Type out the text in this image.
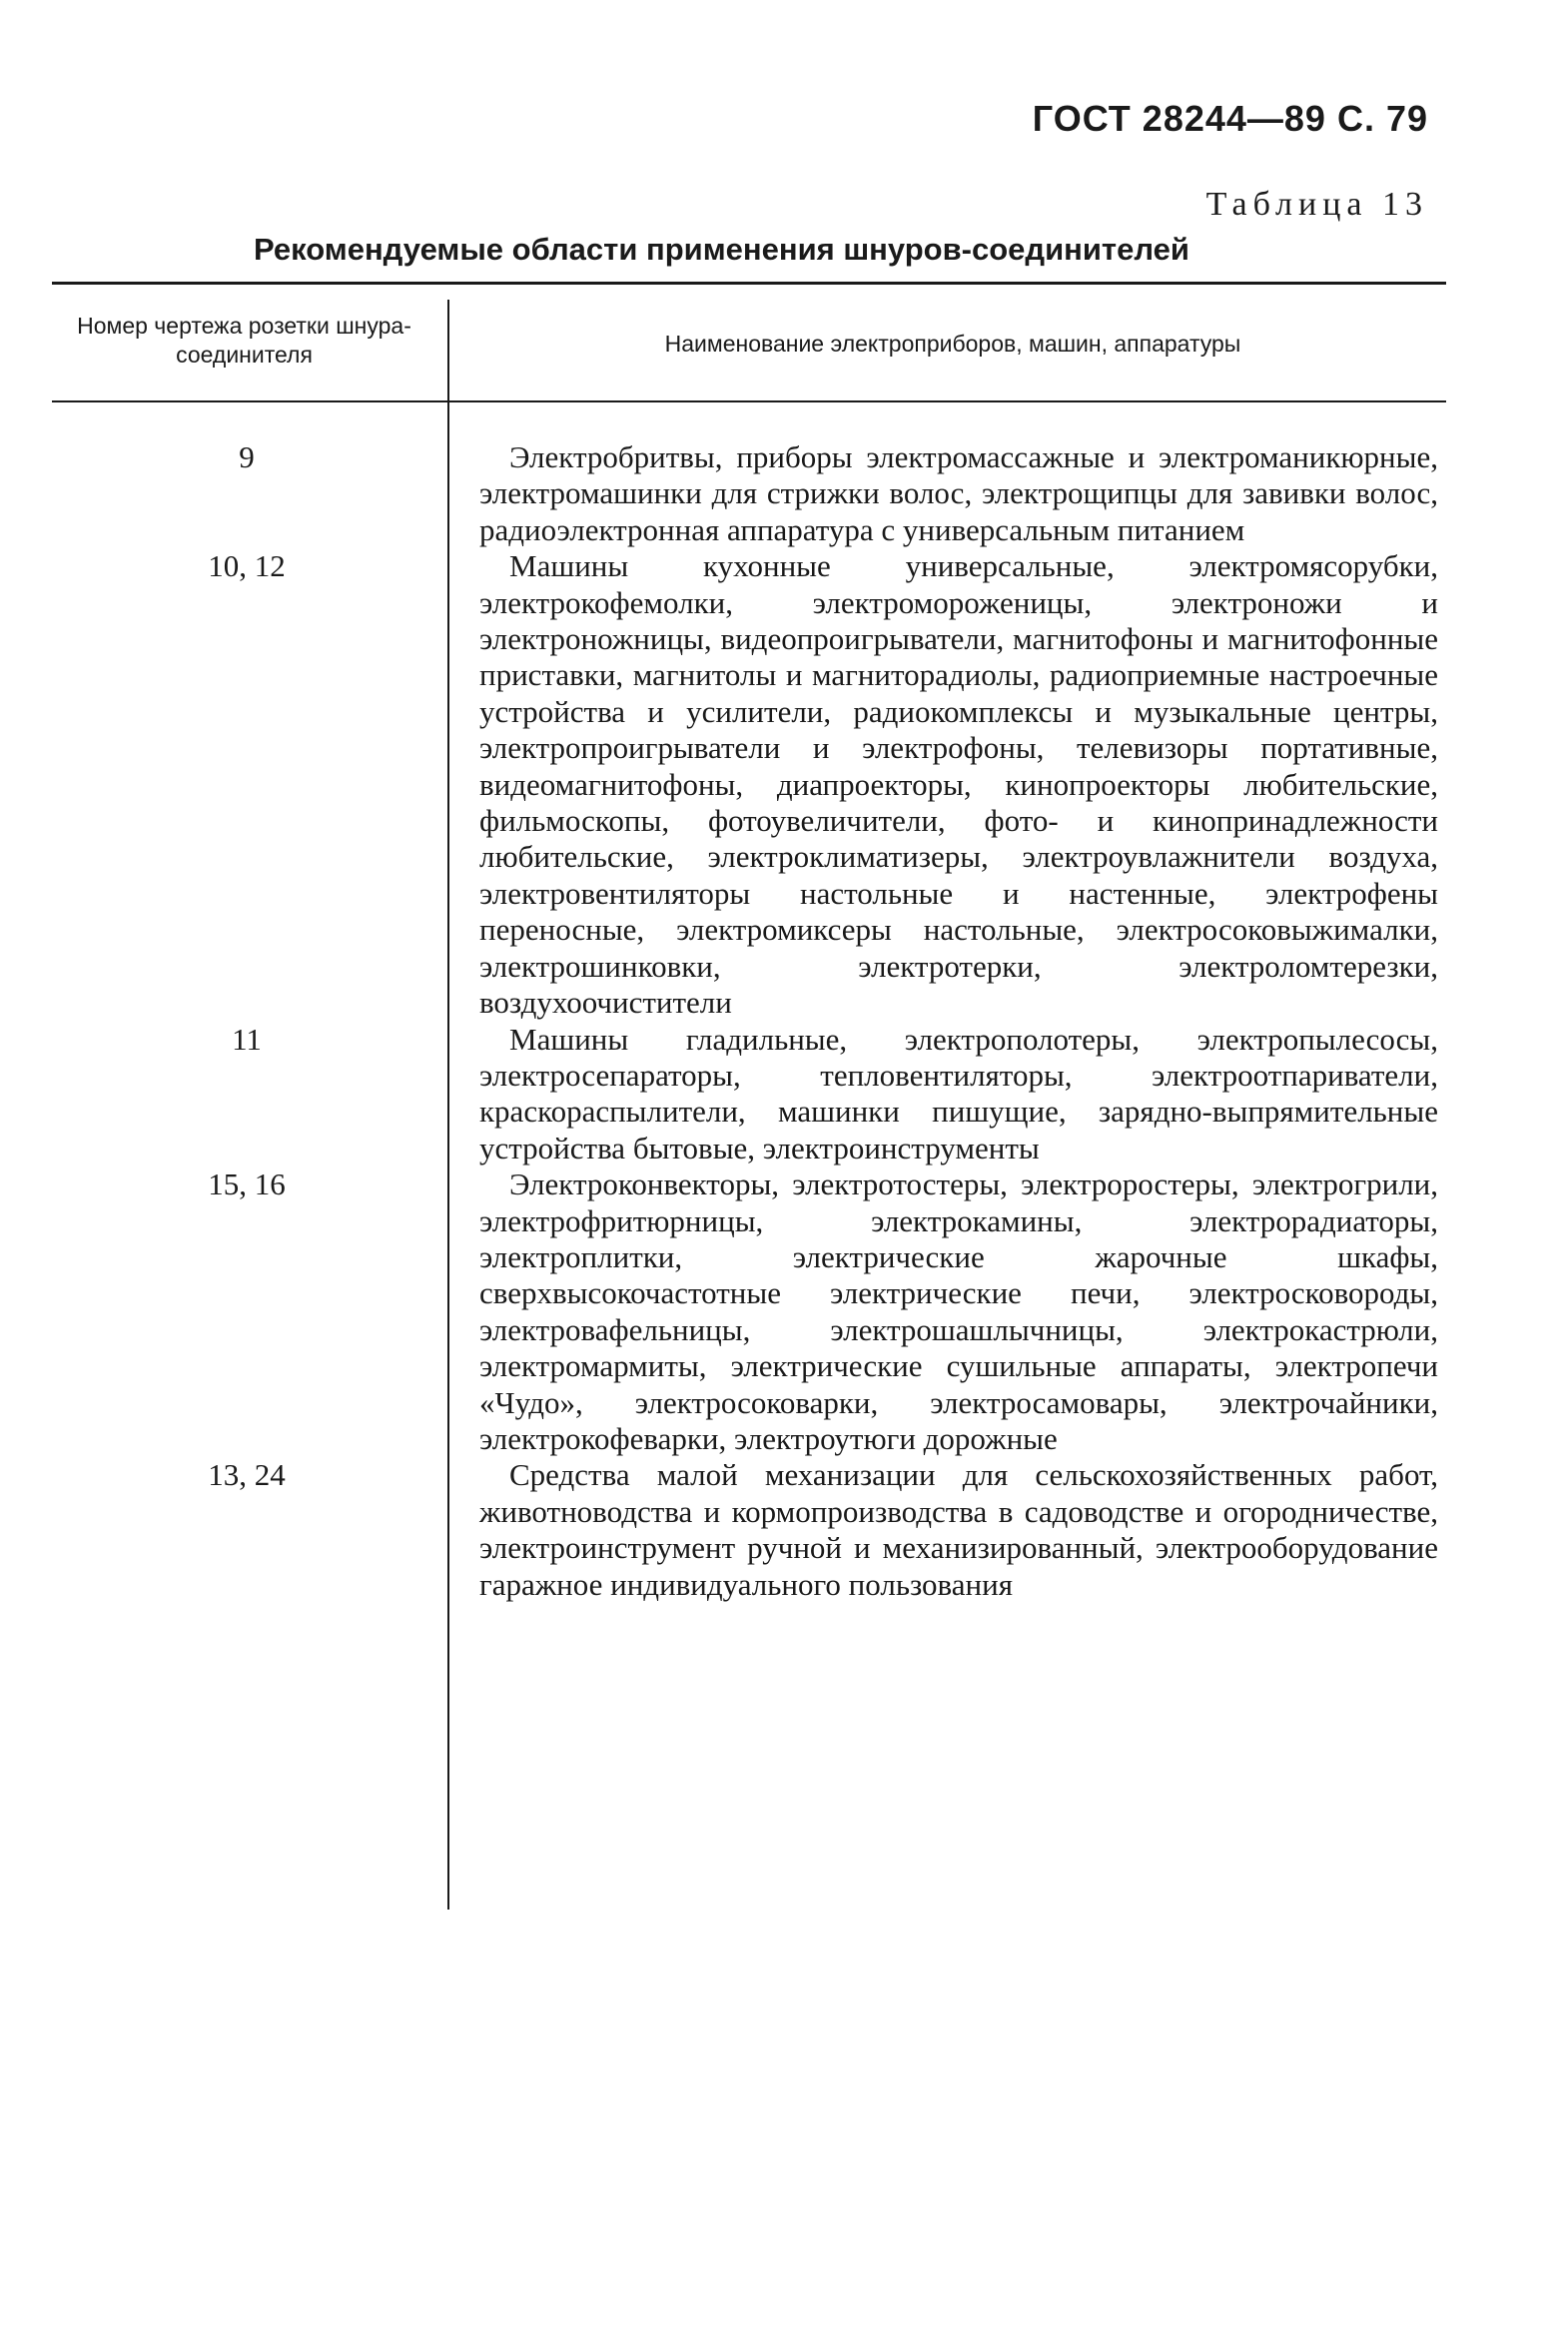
ГОСТ 28244—89 С. 79
Таблица 13
Рекомендуемые области применения шнуров-соединителей
Номер чертежа розетки шнура-соединителя	Наименование электроприборов, машин, аппаратуры
9	Электробритвы, приборы электромассажные и электроманикюрные, электромашинки для стрижки волос, электрощипцы для завивки волос, радиоэлектронная аппаратура с универсальным питанием
10, 12	Машины кухонные универсальные, электромясорубки, электрокофемолки, электромороженицы, электроножи и электроножницы, видеопроигрыватели, магнитофоны и магнитофонные приставки, магнитолы и магниторадиолы, радиоприемные настроечные устройства и усилители, радиокомплексы и музыкальные центры, электропроигрыватели и электрофоны, телевизоры портативные, видеомагнитофоны, диапроекторы, кинопроекторы любительские, фильмоскопы, фотоувеличители, фото- и кинопринадлежности любительские, электроклиматизеры, электроувлажнители воздуха, электровентиляторы настольные и настенные, электрофены переносные, электромиксеры настольные, электросоковыжималки, электрошинковки, электротерки, электроломтерезки, воздухоочистители
11	Машины гладильные, электрополотеры, электропылесосы, электросепараторы, тепловентиляторы, электроотпариватели, краскораспылители, машинки пишущие, зарядно-выпрямительные устройства бытовые, электроинструменты
15, 16	Электроконвекторы, электротостеры, электроростеры, электрогрили, электрофритюрницы, электрокамины, электрорадиаторы, электроплитки, электрические жарочные шкафы, сверхвысокочастотные электрические печи, электросковороды, электровафельницы, электрошашлычницы, электрокастрюли, электромармиты, электрические сушильные аппараты, электропечи «Чудо», электросоковарки, электросамовары, электрочайники, электрокофеварки, электроутюги дорожные
13, 24	Средства малой механизации для сельскохозяйственных работ, животноводства и кормопроизводства в садоводстве и огородничестве, электроинструмент ручной и механизированный, электрооборудование гаражное индивидуального пользования
